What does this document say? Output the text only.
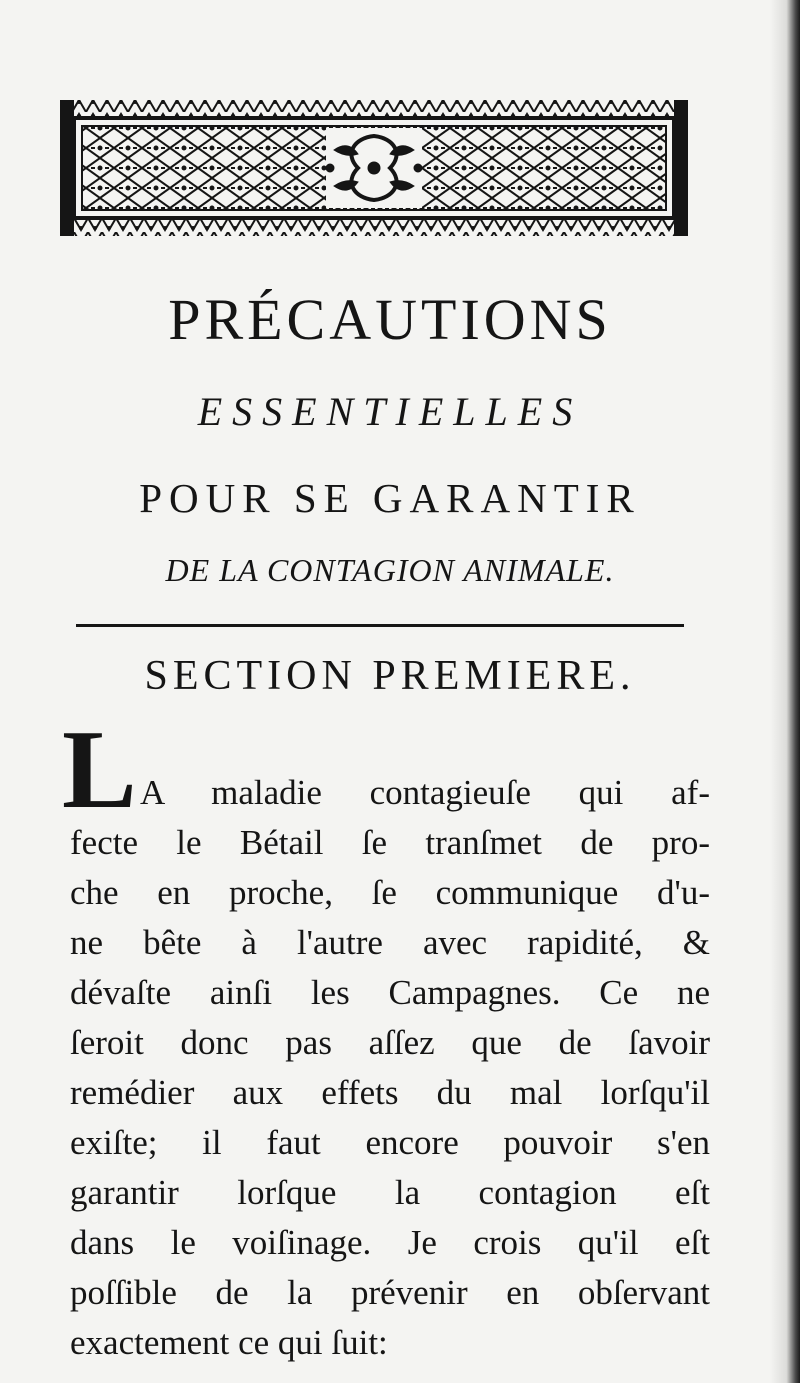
PRÉCAUTIONS
ESSENTIELLES
POUR SE GARANTIR
DE LA CONTAGION ANIMALE.
SECTION PREMIERE.
L A maladie contagieuſe qui af-
fecte le Bétail ſe tranſmet de pro-
che en proche, ſe communique d'u-
ne bête à l'autre avec rapidité, &
dévaſte ainſi les Campagnes. Ce ne
ſeroit donc pas aſſez que de ſavoir
remédier aux effets du mal lorſqu'il
exiſte; il faut encore pouvoir s'en
garantir lorſque la contagion eſt
dans le voiſinage. Je crois qu'il eſt
poſſible de la prévenir en obſervant
exactement ce qui ſuit:
